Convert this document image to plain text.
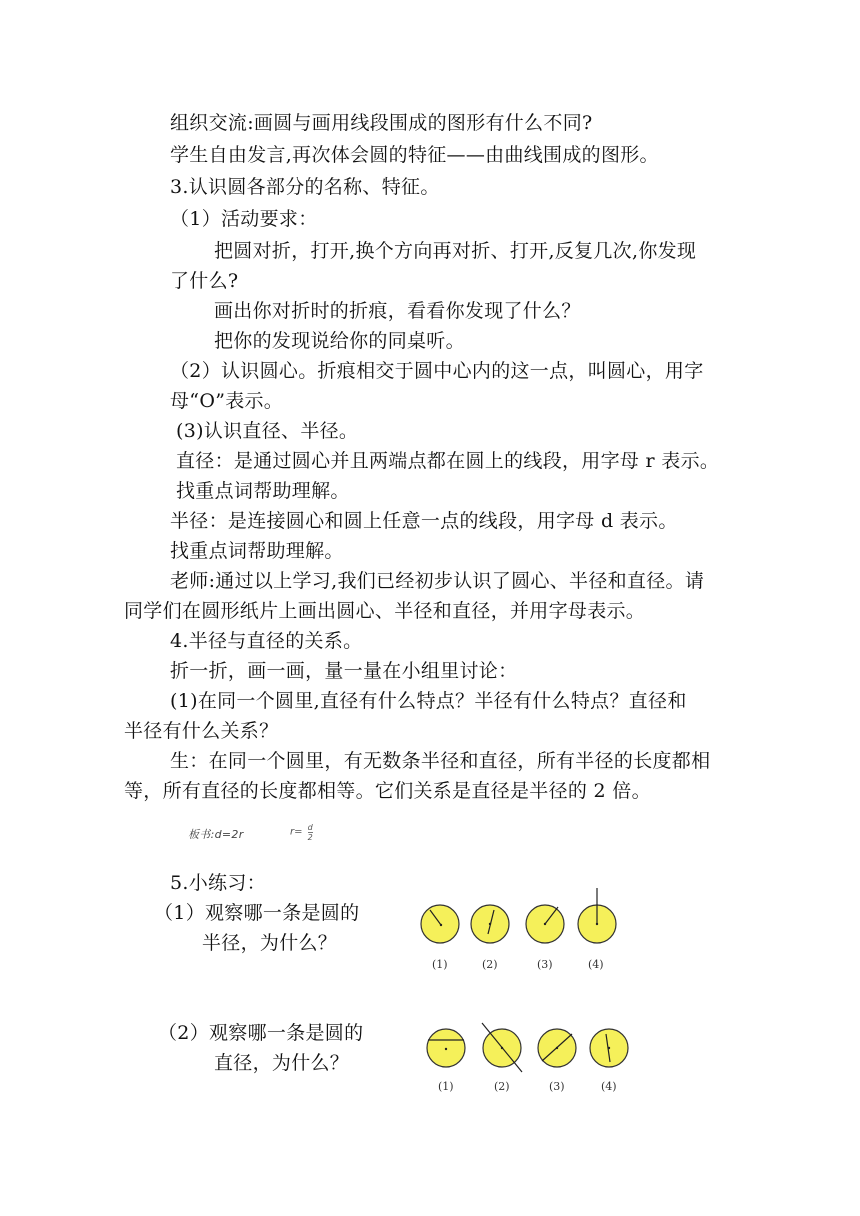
组织交流:画圆与画用线段围成的图形有什么不同?
学生自由发言,再次体会圆的特征——由曲线围成的图形。
3.认识圆各部分的名称、特征。
（1）活动要求：
把圆对折，打开,换个方向再对折、打开,反复几次,你发现
了什么?
画出你对折时的折痕，看看你发现了什么？
把你的发现说给你的同桌听。
（2）认识圆心。折痕相交于圆中心内的这一点，叫圆心，用字
母“O”表示。
(3)认识直径、半径。
直径：是通过圆心并且两端点都在圆上的线段，用字母 r 表示。
找重点词帮助理解。
半径：是连接圆心和圆上任意一点的线段，用字母 d 表示。
找重点词帮助理解。
老师:通过以上学习,我们已经初步认识了圆心、半径和直径。请
同学们在圆形纸片上画出圆心、半径和直径，并用字母表示。
4.半径与直径的关系。
折一折，画一画，量一量在小组里讨论：
(1)在同一个圆里,直径有什么特点？半径有什么特点？直径和
半径有什么关系？
生：在同一个圆里，有无数条半径和直径，所有半径的长度都相
等，所有直径的长度都相等。它们关系是直径是半径的 2 倍。
板书:d=2r	$r= \frac{d}{2}$
5.小练习：
（1）观察哪一条是圆的
半径，为什么？
（2）观察哪一条是圆的
直径，为什么？
(1)	(2)	(3)	(4)
(1)	(2)	(3)	(4)
